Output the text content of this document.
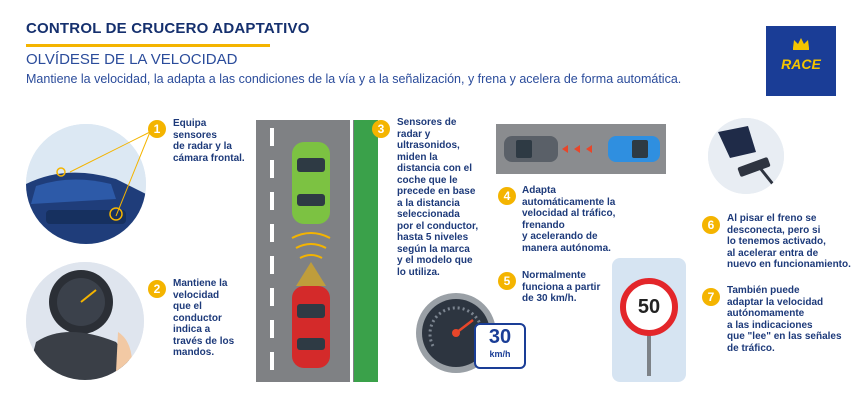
CONTROL DE CRUCERO ADAPTATIVO
OLVÍDESE DE LA VELOCIDAD
Mantiene la velocidad, la adapta a las condiciones de la vía y a la señalización, y frena y acelera de forma automática.
RACE
1	Equipa
sensores
de radar y la
cámara frontal.
2	Mantiene la
velocidad
que el
conductor
indica a
través de los
mandos.
3	Sensores de
radar y
ultrasonidos,
miden la
distancia con el
coche que le
precede en base
a la distancia
seleccionada
por el conductor,
hasta 5 niveles
según la marca
y el modelo que
lo utiliza.
4	Adapta
automáticamente la
velocidad al tráfico,
frenando
y acelerando de
manera autónoma.
5	Normalmente
funciona a partir
de 30 km/h.
30
km/h
50
6	Al pisar el freno se
desconecta, pero si
lo tenemos activado,
al acelerar entra de
nuevo en funcionamiento.
7	También puede
adaptar la velocidad
autónomamente
a las indicaciones
que "lee" en las señales
de tráfico.
